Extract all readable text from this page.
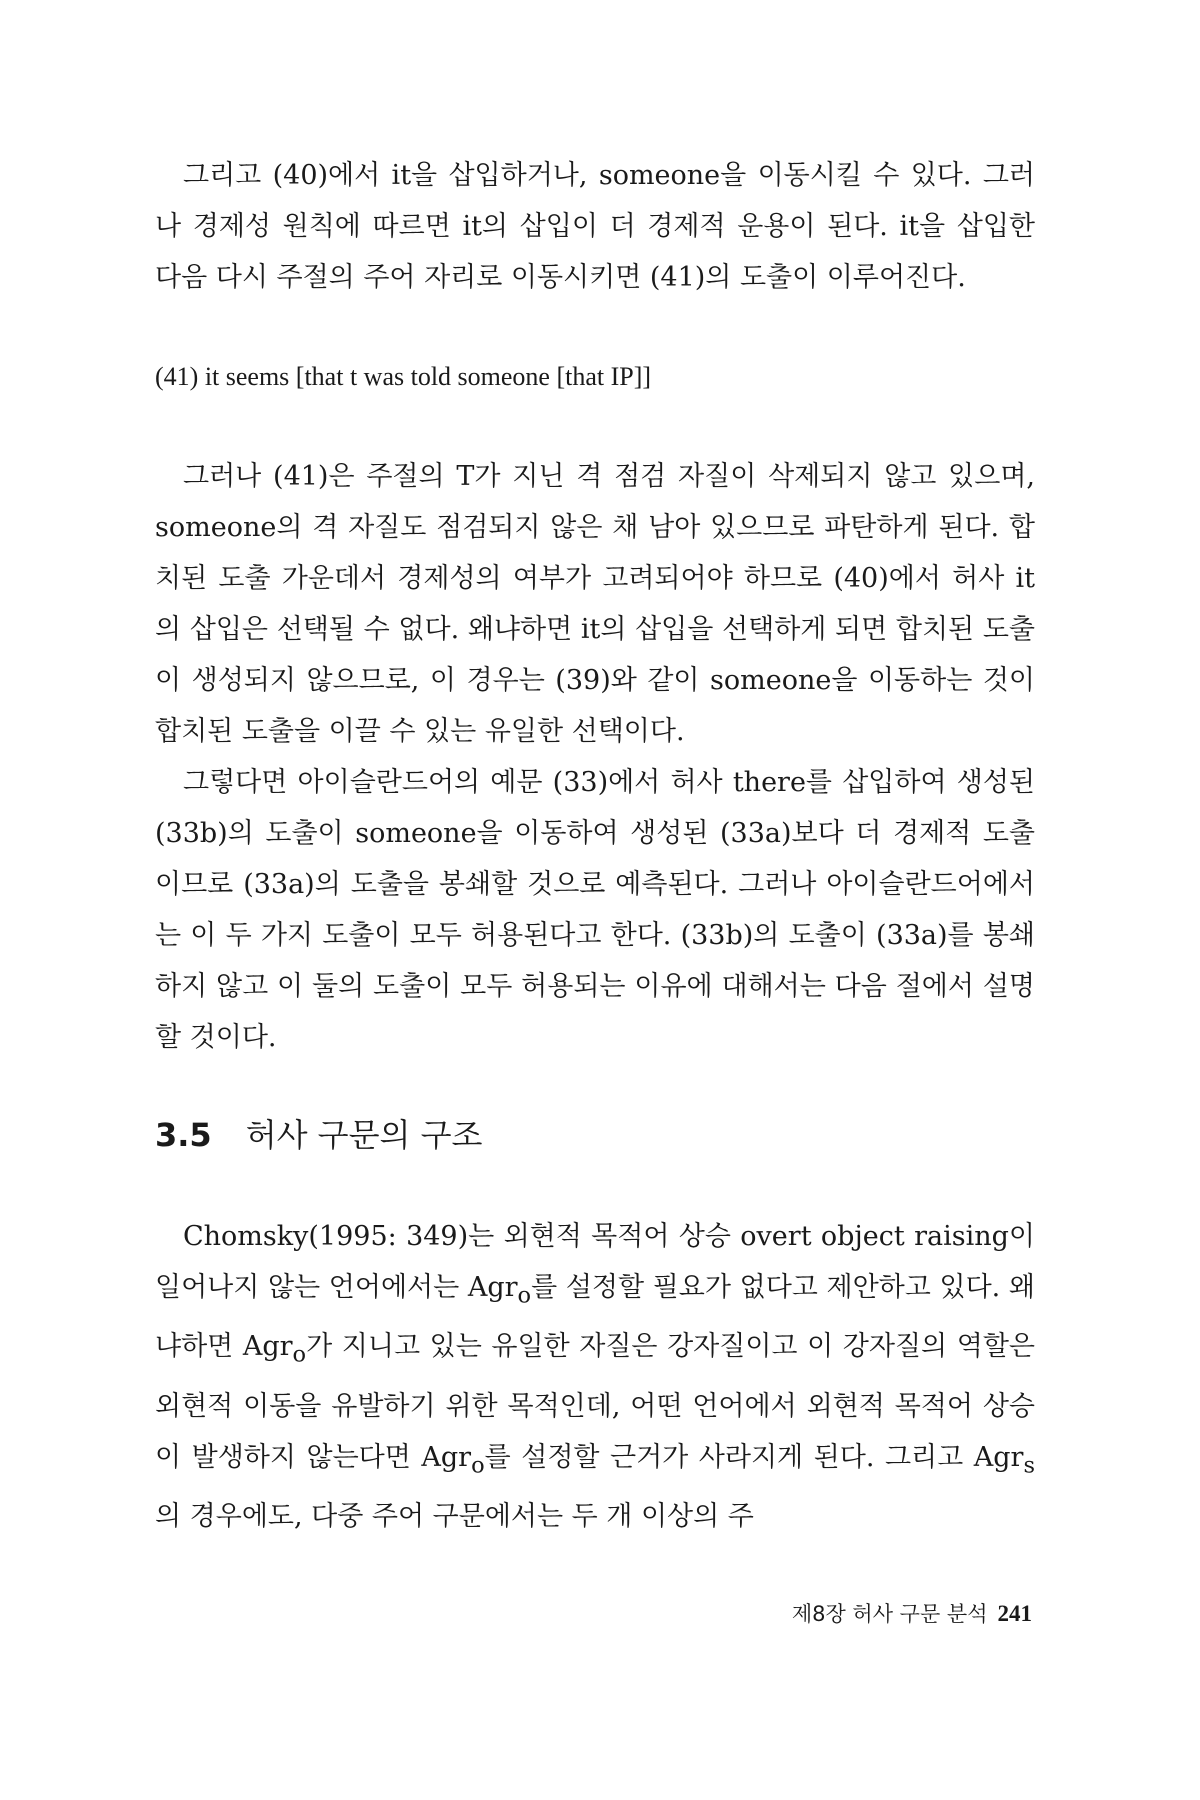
그리고 (40)에서 it을 삽입하거나, someone을 이동시킬 수 있다. 그러나 경제성 원칙에 따르면 it의 삽입이 더 경제적 운용이 된다. it을 삽입한 다음 다시 주절의 주어 자리로 이동시키면 (41)의 도출이 이루어진다.

(41) it seems [that t was told someone [that IP]]

그러나 (41)은 주절의 T가 지닌 격 점검 자질이 삭제되지 않고 있으며, someone의 격 자질도 점검되지 않은 채 남아 있으므로 파탄하게 된다. 합치된 도출 가운데서 경제성의 여부가 고려되어야 하므로 (40)에서 허사 it의 삽입은 선택될 수 없다. 왜냐하면 it의 삽입을 선택하게 되면 합치된 도출이 생성되지 않으므로, 이 경우는 (39)와 같이 someone을 이동하는 것이 합치된 도출을 이끌 수 있는 유일한 선택이다.

그렇다면 아이슬란드어의 예문 (33)에서 허사 there를 삽입하여 생성된 (33b)의 도출이 someone을 이동하여 생성된 (33a)보다 더 경제적 도출이므로 (33a)의 도출을 봉쇄할 것으로 예측된다. 그러나 아이슬란드어에서는 이 두 가지 도출이 모두 허용된다고 한다. (33b)의 도출이 (33a)를 봉쇄하지 않고 이 둘의 도출이 모두 허용되는 이유에 대해서는 다음 절에서 설명할 것이다.

3.5 허사 구문의 구조

Chomsky(1995: 349)는 외현적 목적어 상승 overt object raising이 일어나지 않는 언어에서는 Agr$_o$를 설정할 필요가 없다고 제안하고 있다. 왜냐하면 Agr$_o$가 지니고 있는 유일한 자질은 강자질이고 이 강자질의 역할은 외현적 이동을 유발하기 위한 목적인데, 어떤 언어에서 외현적 목적어 상승이 발생하지 않는다면 Agr$_o$를 설정할 근거가 사라지게 된다. 그리고 Agr$_s$의 경우에도, 다중 주어 구문에서는 두 개 이상의 주

제8장 허사 구문 분석 241
